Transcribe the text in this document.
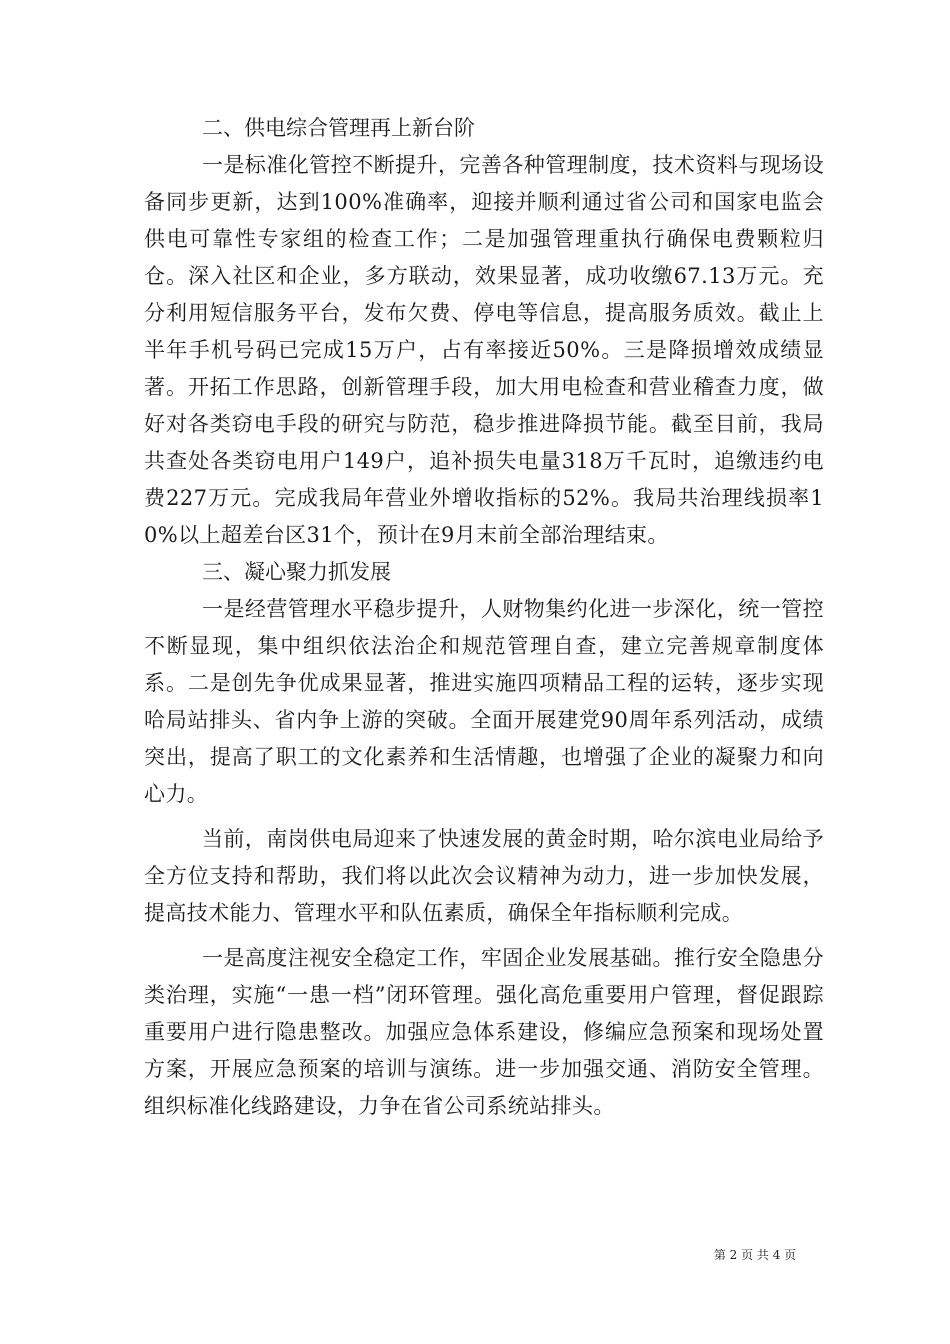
二、供电综合管理再上新台阶

一是标准化管控不断提升，完善各种管理制度，技术资料与现场设备同步更新，达到100%准确率，迎接并顺利通过省公司和国家电监会供电可靠性专家组的检查工作；二是加强管理重执行确保电费颗粒归仓。深入社区和企业，多方联动，效果显著，成功收缴67.13万元。充分利用短信服务平台，发布欠费、停电等信息，提高服务质效。截止上半年手机号码已完成15万户，占有率接近50%。三是降损增效成绩显著。开拓工作思路，创新管理手段，加大用电检查和营业稽查力度，做好对各类窃电手段的研究与防范，稳步推进降损节能。截至目前，我局共查处各类窃电用户149户，追补损失电量318万千瓦时，追缴违约电费227万元。完成我局年营业外增收指标的52%。我局共治理线损率10%以上超差台区31个，预计在9月末前全部治理结束。

三、凝心聚力抓发展

一是经营管理水平稳步提升，人财物集约化进一步深化，统一管控不断显现，集中组织依法治企和规范管理自查，建立完善规章制度体系。二是创先争优成果显著，推进实施四项精品工程的运转，逐步实现哈局站排头、省内争上游的突破。全面开展建党90周年系列活动，成绩突出，提高了职工的文化素养和生活情趣，也增强了企业的凝聚力和向心力。

当前，南岗供电局迎来了快速发展的黄金时期，哈尔滨电业局给予全方位支持和帮助，我们将以此次会议精神为动力，进一步加快发展，提高技术能力、管理水平和队伍素质，确保全年指标顺利完成。

一是高度注视安全稳定工作，牢固企业发展基础。推行安全隐患分类治理，实施“一患一档”闭环管理。强化高危重要用户管理，督促跟踪重要用户进行隐患整改。加强应急体系建设，修编应急预案和现场处置方案，开展应急预案的培训与演练。进一步加强交通、消防安全管理。组织标准化线路建设，力争在省公司系统站排头。

第 2 页 共 4 页
